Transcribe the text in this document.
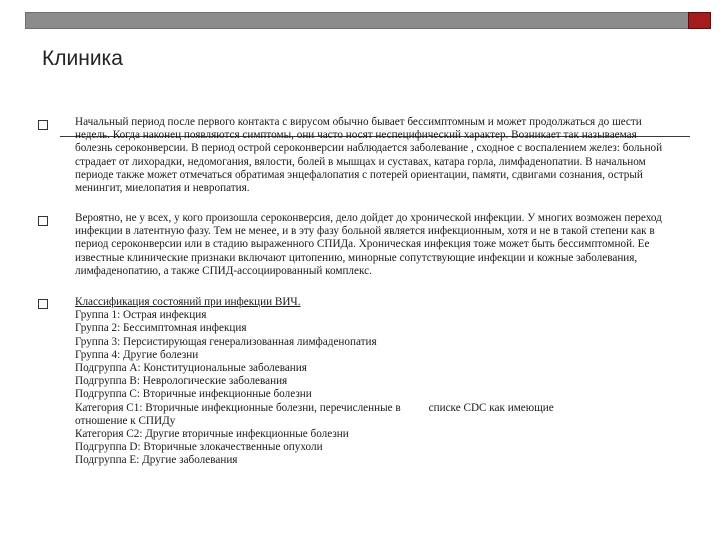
Клиника

Начальный период после первого контакта с вирусом обычно бывает бессимптомным и может продолжаться до шести недель. Когда наконец появляются симптомы, они часто носят неспецифический характер. Возникает так называемая болезнь сероконверсии. В период острой сероконверсии наблюдается заболевание , сходное с воспалением желез: больной страдает от лихорадки, недомогания, вялости, болей в мышцах и суставах, катара горла, лимфаденопатии. В начальном периоде также может отмечаться обратимая энцефалопатия с потерей ориентации, памяти, сдвигами сознания, острый менингит, миелопатия и невропатия.

Вероятно, не у всех, у кого произошла сероконверсия, дело дойдет до хронической инфекции. У многих возможен переход инфекции в латентную фазу. Тем не менее, и в эту фазу больной является инфекционным, хотя и не в такой степени как в период сероконверсии или в стадию выраженного СПИДа. Хроническая инфекция тоже может быть бессимптомной. Ее известные клинические признаки включают цитопению, минорные сопутствующие инфекции и кожные заболевания, лимфаденопатию, а также СПИД-ассоциированный комплекс.

Классификация состояний при инфекции ВИЧ.

Группа 1: Острая инфекция

Группа 2: Бессимптомная инфекция

Группа 3: Персистирующая генерализованная лимфаденопатия

Группа 4: Другие болезни

Подгруппа А: Конституциональные заболевания

Подгруппа В: Неврологические заболевания

Подгруппа С: Вторичные инфекционные болезни

Категория С1: Вторичные инфекционные болезни, перечисленные в	списке CDC как имеющие

отношение к СПИДу

Категория С2: Другие вторичные инфекционные болезни

Подгруппа D: Вторичные злокачественные опухоли

Подгруппа Е: Другие заболевания
